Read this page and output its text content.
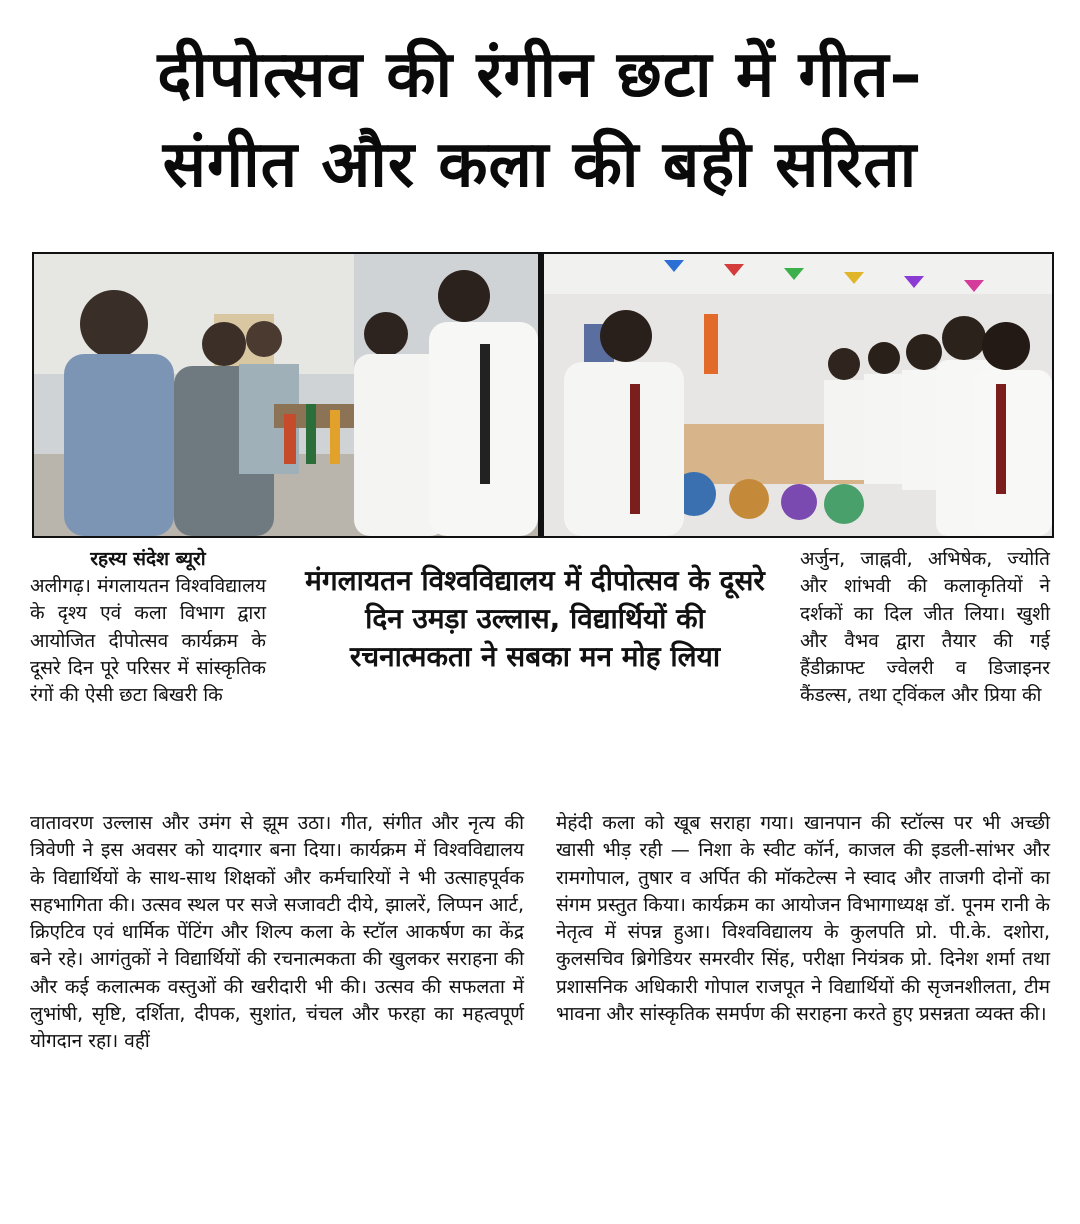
दीपोत्सव की रंगीन छटा में गीत–
संगीत और कला की बही सरिता
रहस्य संदेश ब्यूरो

अलीगढ़। मंगलायतन विश्वविद्यालय के दृश्य एवं कला विभाग द्वारा आयोजित दीपोत्सव कार्यक्रम के दूसरे दिन पूरे परिसर में सांस्कृतिक रंगों की ऐसी छटा बिखरी कि

मंगलायतन विश्वविद्यालय में दीपोत्सव के दूसरे दिन उमड़ा उल्लास, विद्यार्थियों की रचनात्मकता ने सबका मन मोह लिया

अर्जुन, जाह्नवी, अभिषेक, ज्योति और शांभवी की कलाकृतियों ने दर्शकों का दिल जीत लिया। खुशी और वैभव द्वारा तैयार की गई हैंडीक्राफ्ट ज्वेलरी व डिजाइनर कैंडल्स, तथा ट्विंकल और प्रिया की

वातावरण उल्लास और उमंग से झूम उठा। गीत, संगीत और नृत्य की त्रिवेणी ने इस अवसर को यादगार बना दिया। कार्यक्रम में विश्वविद्यालय के विद्यार्थियों के साथ-साथ शिक्षकों और कर्मचारियों ने भी उत्साहपूर्वक सहभागिता की। उत्सव स्थल पर सजे सजावटी दीये, झालरें, लिप्पन आर्ट, क्रिएटिव एवं धार्मिक पेंटिंग और शिल्प कला के स्टॉल आकर्षण का केंद्र बने रहे। आगंतुकों ने विद्यार्थियों की रचनात्मकता की खुलकर सराहना की और कई कलात्मक वस्तुओं की खरीदारी भी की। उत्सव की सफलता में लुभांषी, सृष्टि, दर्शिता, दीपक, सुशांत, चंचल और फरहा का महत्वपूर्ण योगदान रहा। वहीं

मेहंदी कला को खूब सराहा गया। खानपान की स्टॉल्स पर भी अच्छी खासी भीड़ रही — निशा के स्वीट कॉर्न, काजल की इडली-सांभर और रामगोपाल, तुषार व अर्पित की मॉकटेल्स ने स्वाद और ताजगी दोनों का संगम प्रस्तुत किया। कार्यक्रम का आयोजन विभागाध्यक्ष डॉ. पूनम रानी के नेतृत्व में संपन्न हुआ। विश्वविद्यालय के कुलपति प्रो. पी.के. दशोरा, कुलसचिव ब्रिगेडियर समरवीर सिंह, परीक्षा नियंत्रक प्रो. दिनेश शर्मा तथा प्रशासनिक अधिकारी गोपाल राजपूत ने विद्यार्थियों की सृजनशीलता, टीम भावना और सांस्कृतिक समर्पण की सराहना करते हुए प्रसन्नता व्यक्त की।
